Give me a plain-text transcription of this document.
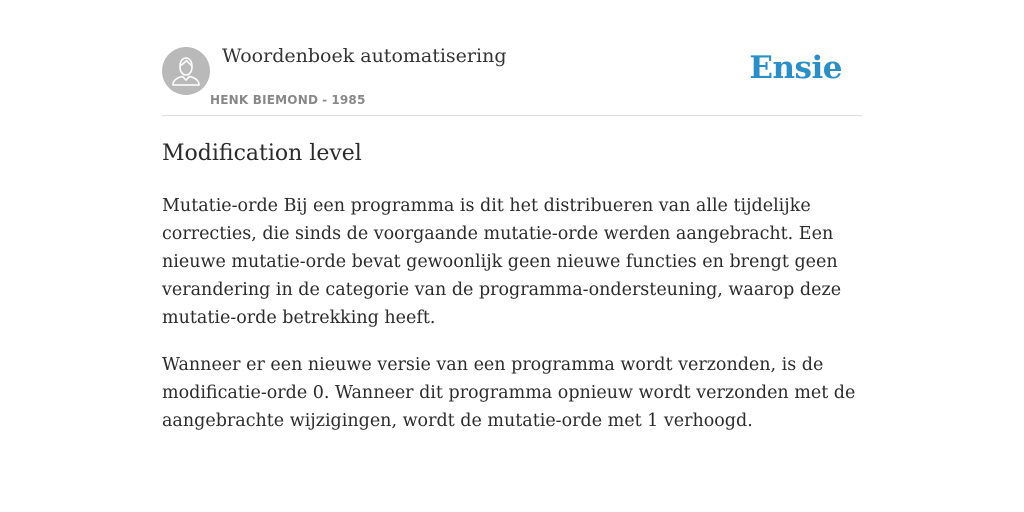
Woordenboek automatisering
HENK BIEMOND - 1985
Ensie
Modification level

Mutatie-orde Bij een programma is dit het distribueren van alle tijdelijke correcties, die sinds de voorgaande mutatie-orde werden aangebracht. Een nieuwe mutatie-orde bevat gewoonlijk geen nieuwe functies en brengt geen verandering in de categorie van de programma-ondersteuning, waarop deze mutatie-orde betrekking heeft.

Wanneer er een nieuwe versie van een programma wordt verzonden, is de modificatie-orde 0. Wanneer dit programma opnieuw wordt verzonden met de aangebrachte wijzigingen, wordt de mutatie-orde met 1 verhoogd.
